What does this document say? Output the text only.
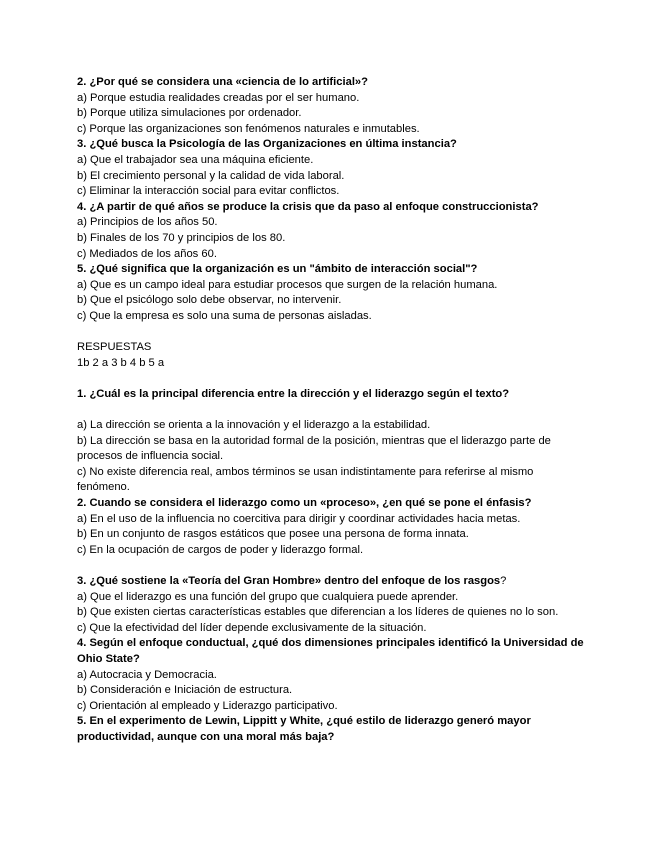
2. ¿Por qué se considera una «ciencia de lo artificial»?
a) Porque estudia realidades creadas por el ser humano.
b) Porque utiliza simulaciones por ordenador.
c) Porque las organizaciones son fenómenos naturales e inmutables.
3. ¿Qué busca la Psicología de las Organizaciones en última instancia?
a) Que el trabajador sea una máquina eficiente.
b) El crecimiento personal y la calidad de vida laboral.
c) Eliminar la interacción social para evitar conflictos.
4. ¿A partir de qué años se produce la crisis que da paso al enfoque construccionista?
a) Principios de los años 50.
b) Finales de los 70 y principios de los 80.
c) Mediados de los años 60.
5. ¿Qué significa que la organización es un "ámbito de interacción social"?
a) Que es un campo ideal para estudiar procesos que surgen de la relación humana.
b) Que el psicólogo solo debe observar, no intervenir.
c) Que la empresa es solo una suma de personas aisladas.
RESPUESTAS
1b 2 a 3 b 4 b 5 a
1. ¿Cuál es la principal diferencia entre la dirección y el liderazgo según el texto?
a) La dirección se orienta a la innovación y el liderazgo a la estabilidad.
b) La dirección se basa en la autoridad formal de la posición, mientras que el liderazgo parte de procesos de influencia social.
c) No existe diferencia real, ambos términos se usan indistintamente para referirse al mismo fenómeno.
2. Cuando se considera el liderazgo como un «proceso», ¿en qué se pone el énfasis?
a) En el uso de la influencia no coercitiva para dirigir y coordinar actividades hacia metas.
b) En un conjunto de rasgos estáticos que posee una persona de forma innata.
c) En la ocupación de cargos de poder y liderazgo formal.
3. ¿Qué sostiene la «Teoría del Gran Hombre» dentro del enfoque de los rasgos?
a) Que el liderazgo es una función del grupo que cualquiera puede aprender.
b) Que existen ciertas características estables que diferencian a los líderes de quienes no lo son.
c) Que la efectividad del líder depende exclusivamente de la situación.
4. Según el enfoque conductual, ¿qué dos dimensiones principales identificó la Universidad de Ohio State?
a) Autocracia y Democracia.
b) Consideración e Iniciación de estructura.
c) Orientación al empleado y Liderazgo participativo.
5. En el experimento de Lewin, Lippitt y White, ¿qué estilo de liderazgo generó mayor productividad, aunque con una moral más baja?
